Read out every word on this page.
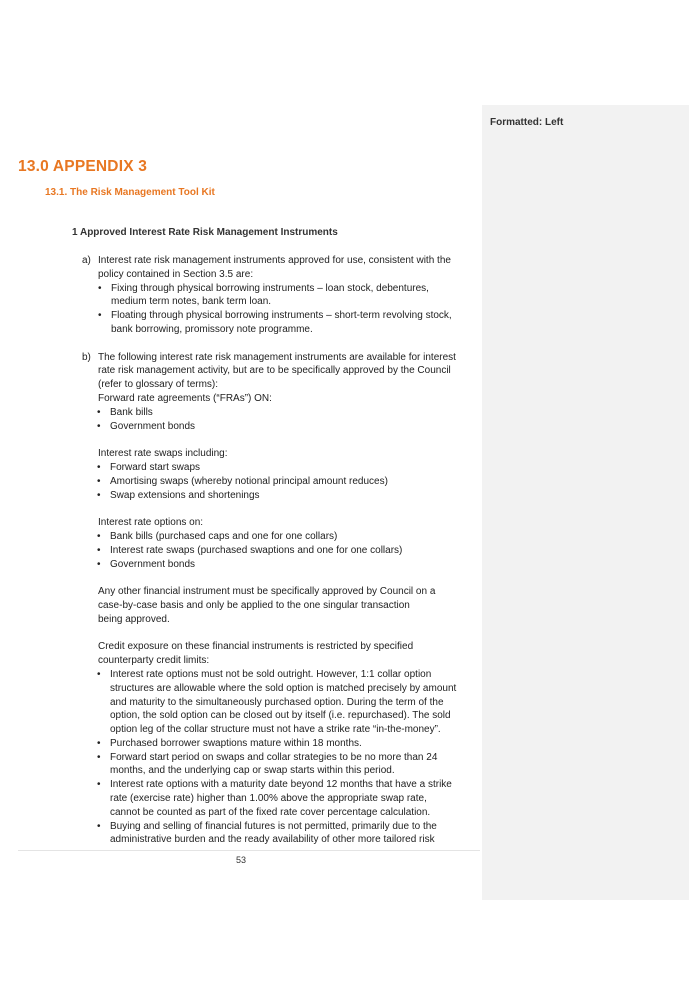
Formatted: Left
13.0 APPENDIX 3
13.1. The Risk Management Tool Kit
1 Approved Interest Rate Risk Management Instruments
a) Interest rate risk management instruments approved for use, consistent with the
policy contained in Section 3.5 are:
• Fixing through physical borrowing instruments – loan stock, debentures,
medium term notes, bank term loan.
• Floating through physical borrowing instruments – short-term revolving stock,
bank borrowing, promissory note programme.
b) The following interest rate risk management instruments are available for interest
rate risk management activity, but are to be specifically approved by the Council
(refer to glossary of terms):
Forward rate agreements (“FRAs”) ON:
• Bank bills
• Government bonds
Interest rate swaps including:
• Forward start swaps
• Amortising swaps (whereby notional principal amount reduces)
• Swap extensions and shortenings
Interest rate options on:
• Bank bills (purchased caps and one for one collars)
• Interest rate swaps (purchased swaptions and one for one collars)
• Government bonds
Any other financial instrument must be specifically approved by Council on a
case-by-case basis and only be applied to the one singular transaction
being approved.
Credit exposure on these financial instruments is restricted by specified
counterparty credit limits:
• Interest rate options must not be sold outright. However, 1:1 collar option
structures are allowable where the sold option is matched precisely by amount
and maturity to the simultaneously purchased option. During the term of the
option, the sold option can be closed out by itself (i.e. repurchased). The sold
option leg of the collar structure must not have a strike rate “in-the-money”.
• Purchased borrower swaptions mature within 18 months.
• Forward start period on swaps and collar strategies to be no more than 24
months, and the underlying cap or swap starts within this period.
• Interest rate options with a maturity date beyond 12 months that have a strike
rate (exercise rate) higher than 1.00% above the appropriate swap rate,
cannot be counted as part of the fixed rate cover percentage calculation.
• Buying and selling of financial futures is not permitted, primarily due to the
administrative burden and the ready availability of other more tailored risk
53
